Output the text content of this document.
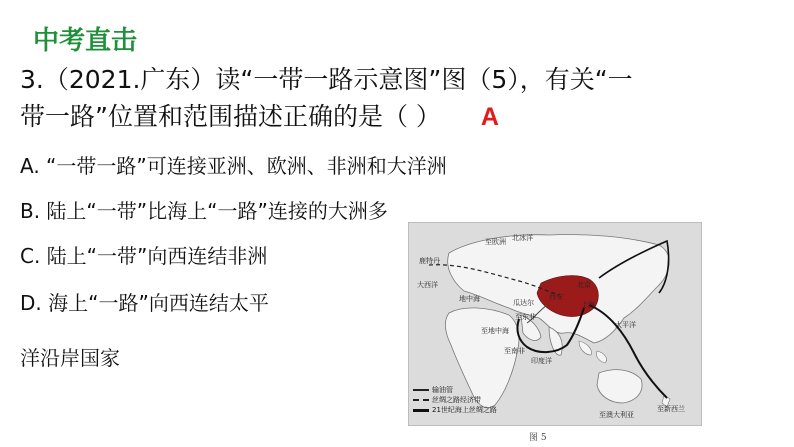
中考直击
3.（2021.广东）读“一带一路示意图”图（5），有关“一
带一路”位置和范围描述正确的是（ ） A
A. “一带一路”可连接亚洲、欧洲、非洲和大洋洲
B. 陆上“一带”比海上“一路”连接的大洲多
C. 陆上“一带”向西连结非洲
D. 海上“一路”向西连结太平
洋沿岸国家
至欧洲 北冰洋
鹿特丹
大西洋
地中海	瓜达尔
至东非
至地中海
至南非
印度洋
太平洋
西安
北京
上海
至新西兰
至澳大利亚
输油管
丝绸之路经济带
21世纪海上丝绸之路
图 5
